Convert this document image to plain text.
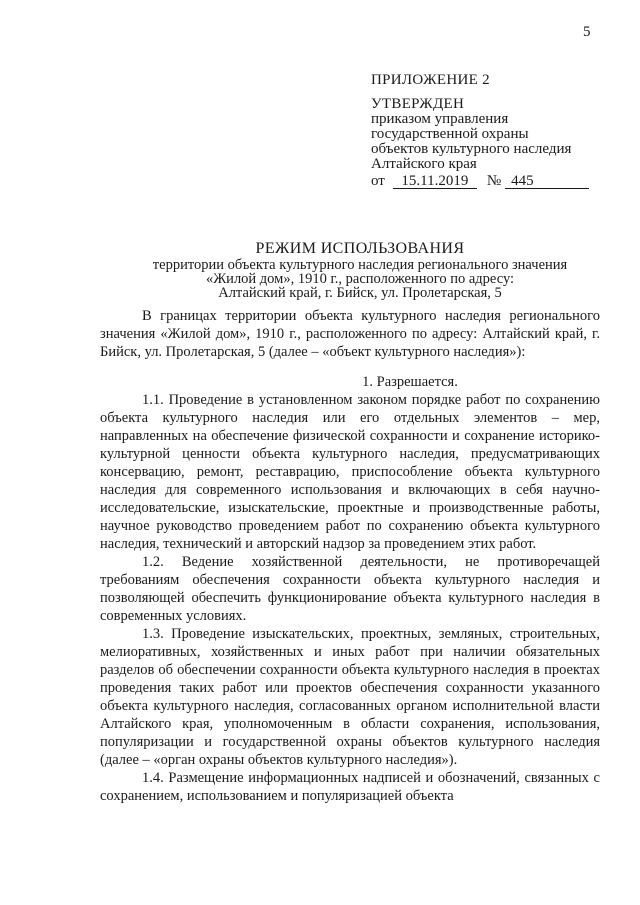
5
ПРИЛОЖЕНИЕ 2
УТВЕРЖДЕН
приказом управления
государственной охраны
объектов культурного наследия
Алтайского края
от	15.11.2019	№ 445
РЕЖИМ ИСПОЛЬЗОВАНИЯ
территории объекта культурного наследия регионального значения
«Жилой дом», 1910 г., расположенного по адресу:
Алтайский край, г. Бийск, ул. Пролетарская, 5

В границах территории объекта культурного наследия регионального значения «Жилой дом», 1910 г., расположенного по адресу: Алтайский край, г. Бийск, ул. Пролетарская, 5 (далее – «объект культурного наследия»):

1. Разрешается.

1.1. Проведение в установленном законом порядке работ по сохранению объекта культурного наследия или его отдельных элементов – мер, направленных на обеспечение физической сохранности и сохранение историко-культурной ценности объекта культурного наследия, предусматривающих консервацию, ремонт, реставрацию, приспособление объекта культурного наследия для современного использования и включающих в себя научно-исследовательские, изыскательские, проектные и производственные работы, научное руководство проведением работ по сохранению объекта культурного наследия, технический и авторский надзор за проведением этих работ.

1.2. Ведение хозяйственной деятельности, не противоречащей требованиям обеспечения сохранности объекта культурного наследия и позволяющей обеспечить функционирование объекта культурного наследия в современных условиях.

1.3. Проведение изыскательских, проектных, земляных, строительных, мелиоративных, хозяйственных и иных работ при наличии обязательных разделов об обеспечении сохранности объекта культурного наследия в проектах проведения таких работ или проектов обеспечения сохранности указанного объекта культурного наследия, согласованных органом исполнительной власти Алтайского края, уполномоченным в области сохранения, использования, популяризации и государственной охраны объектов культурного наследия (далее – «орган охраны объектов культурного наследия»).

1.4. Размещение информационных надписей и обозначений, связанных с сохранением, использованием и популяризацией объекта
